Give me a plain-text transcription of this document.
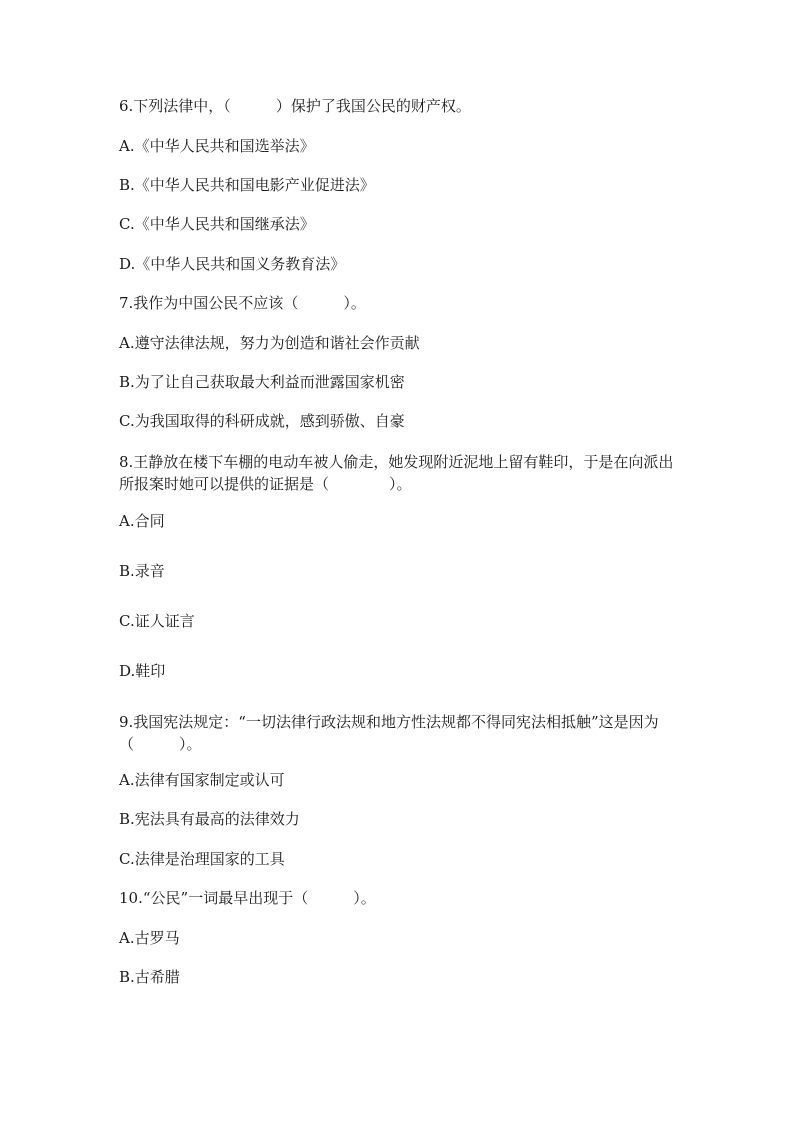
6.下列法律中，（　　　）保护了我国公民的财产权。
A.《中华人民共和国选举法》
B.《中华人民共和国电影产业促进法》
C.《中华人民共和国继承法》
D.《中华人民共和国义务教育法》
7.我作为中国公民不应该（　　　）。
A.遵守法律法规，努力为创造和谐社会作贡献
B.为了让自己获取最大利益而泄露国家机密
C.为我国取得的科研成就，感到骄傲、自豪
8.王静放在楼下车棚的电动车被人偷走，她发现附近泥地上留有鞋印，于是在向派出所报案时她可以提供的证据是（　　　　）。
A.合同
B.录音
C.证人证言
D.鞋印
9.我国宪法规定：“一切法律行政法规和地方性法规都不得同宪法相抵触”这是因为（　　　）。
A.法律有国家制定或认可
B.宪法具有最高的法律效力
C.法律是治理国家的工具
10.“公民”一词最早出现于（　　　）。
A.古罗马
B.古希腊
